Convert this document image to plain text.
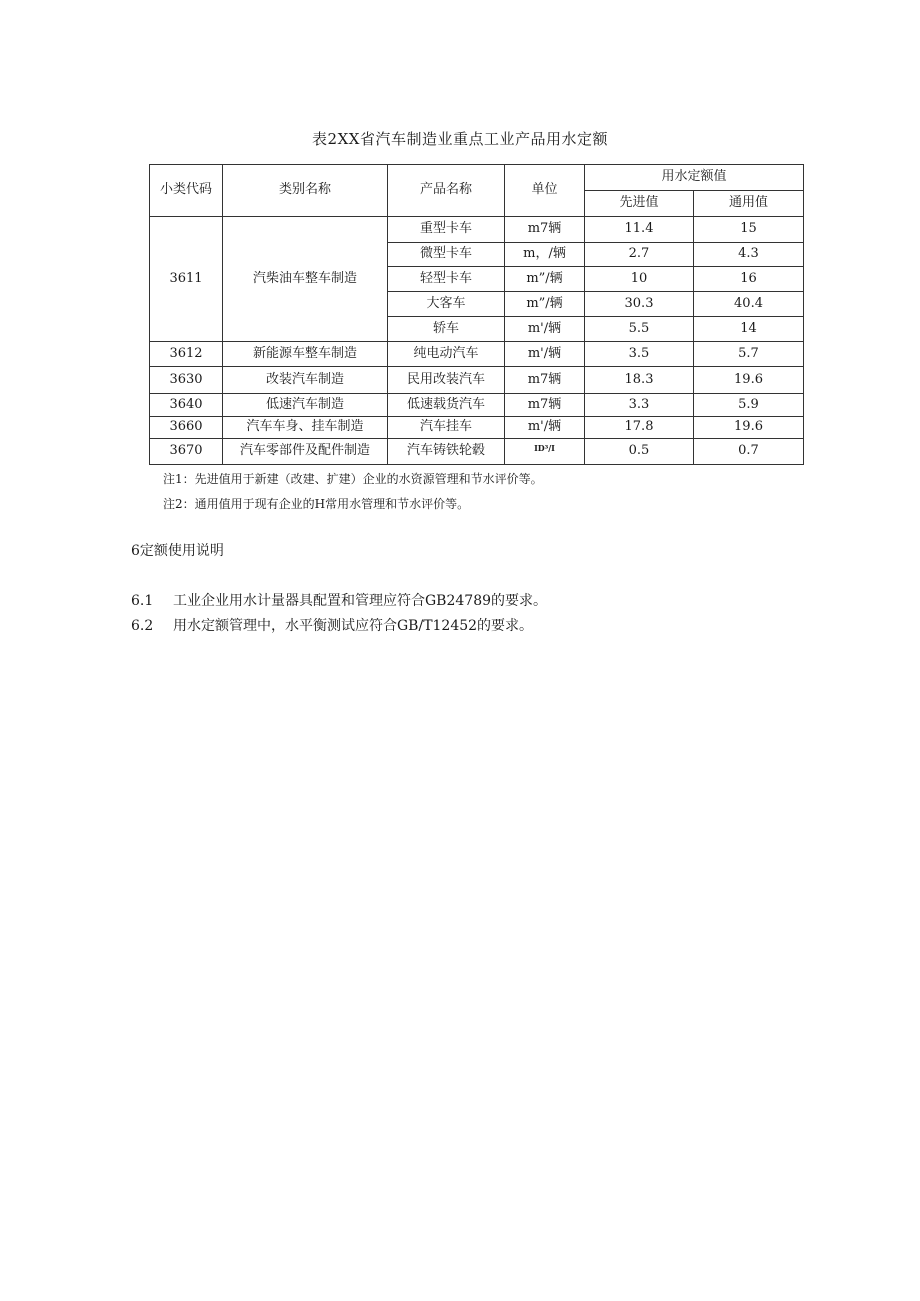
表2XX省汽车制造业重点工业产品用水定额
小类代码	类别名称	产品名称	单位	用水定额值	
				先进值	通用值
3611	汽柴油车整车制造	重型卡车	m7辆	11.4	15
		微型卡车	m，/辆	2.7	4.3
		轻型卡车	m”/辆	10	16
		大客车	m”/辆	30.3	40.4
		轿车	m'/辆	5.5	14
3612	新能源车整车制造	纯电动汽车	m'/辆	3.5	5.7
3630	改装汽车制造	民用改装汽车	m7辆	18.3	19.6
3640	低速汽车制造	低速载货汽车	m7辆	3.3	5.9
3660	汽车车身、挂车制造	汽车挂车	m'/辆	17.8	19.6
3670	汽车零部件及配件制造	汽车铸铁轮毂	$^{ID^3/I}$	0.5	0.7
注1：先进值用于新建（改建、扩建）企业的水资源管理和节水评价等。
注2：通用值用于现有企业的H常用水管理和节水评价等。
6定额使用说明
6.1 工业企业用水计量器具配置和管理应符合GB24789的要求。
6.2 用水定额管理中，水平衡测试应符合GB/T12452的要求。
